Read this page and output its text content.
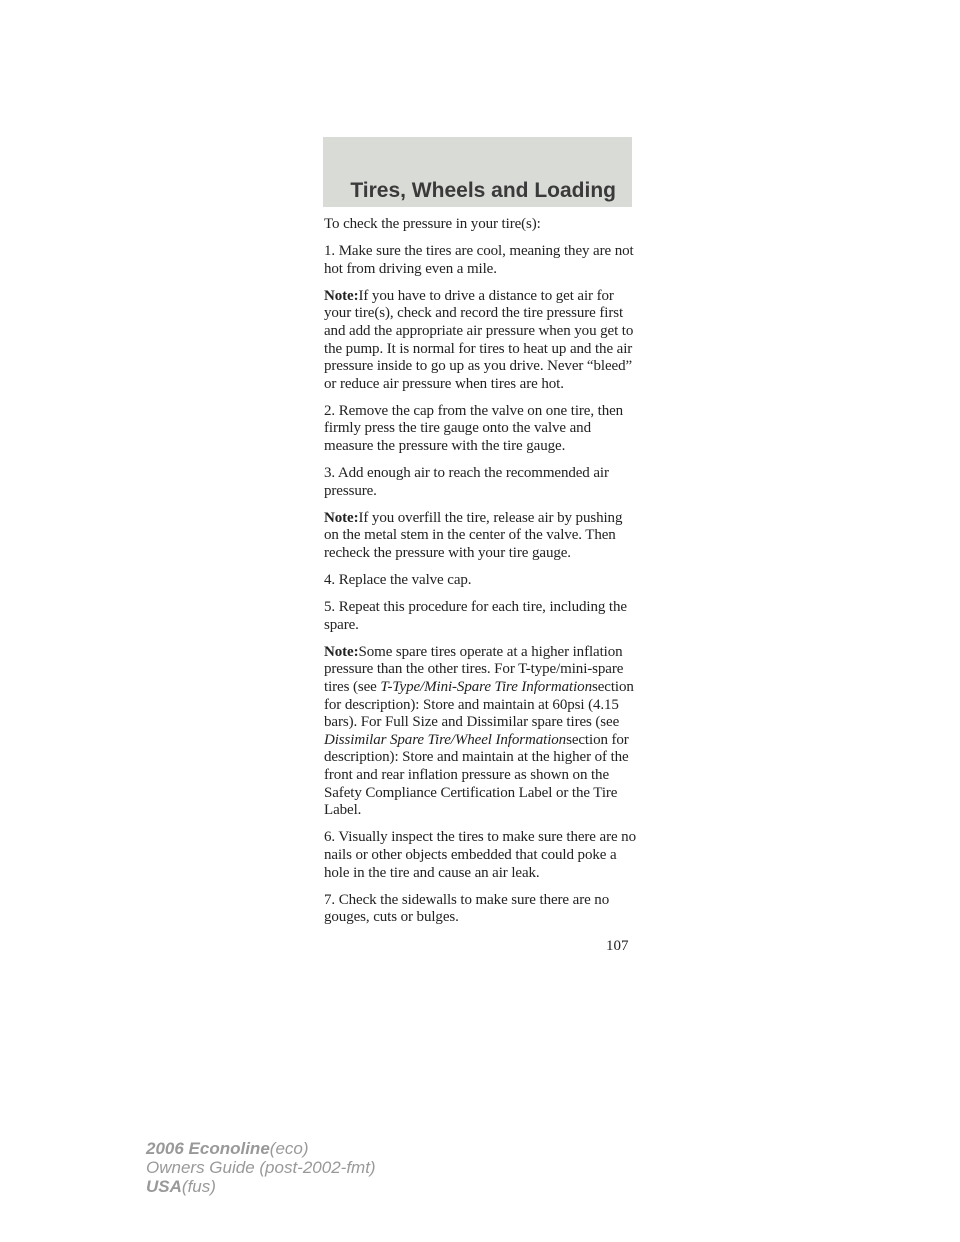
Tires, Wheels and Loading

To check the pressure in your tire(s):

1. Make sure the tires are cool, meaning they are not hot from driving even a mile.

Note:If you have to drive a distance to get air for your tire(s), check and record the tire pressure first and add the appropriate air pressure when you get to the pump. It is normal for tires to heat up and the air pressure inside to go up as you drive. Never “bleed” or reduce air pressure when tires are hot.

2. Remove the cap from the valve on one tire, then firmly press the tire gauge onto the valve and measure the pressure with the tire gauge.

3. Add enough air to reach the recommended air pressure.

Note:If you overfill the tire, release air by pushing on the metal stem in the center of the valve. Then recheck the pressure with your tire gauge.

4. Replace the valve cap.

5. Repeat this procedure for each tire, including the spare.

Note:Some spare tires operate at a higher inflation pressure than the other tires. For T-type/mini-spare tires (see T-Type/Mini-Spare Tire Informationsection for description): Store and maintain at 60psi (4.15 bars). For Full Size and Dissimilar spare tires (see Dissimilar Spare Tire/Wheel Informationsection for description): Store and maintain at the higher of the front and rear inflation pressure as shown on the Safety Compliance Certification Label or the Tire Label.

6. Visually inspect the tires to make sure there are no nails or other objects embedded that could poke a hole in the tire and cause an air leak.

7. Check the sidewalls to make sure there are no gouges, cuts or bulges.

107
2006 Econoline(eco)
Owners Guide (post-2002-fmt)
USA(fus)
